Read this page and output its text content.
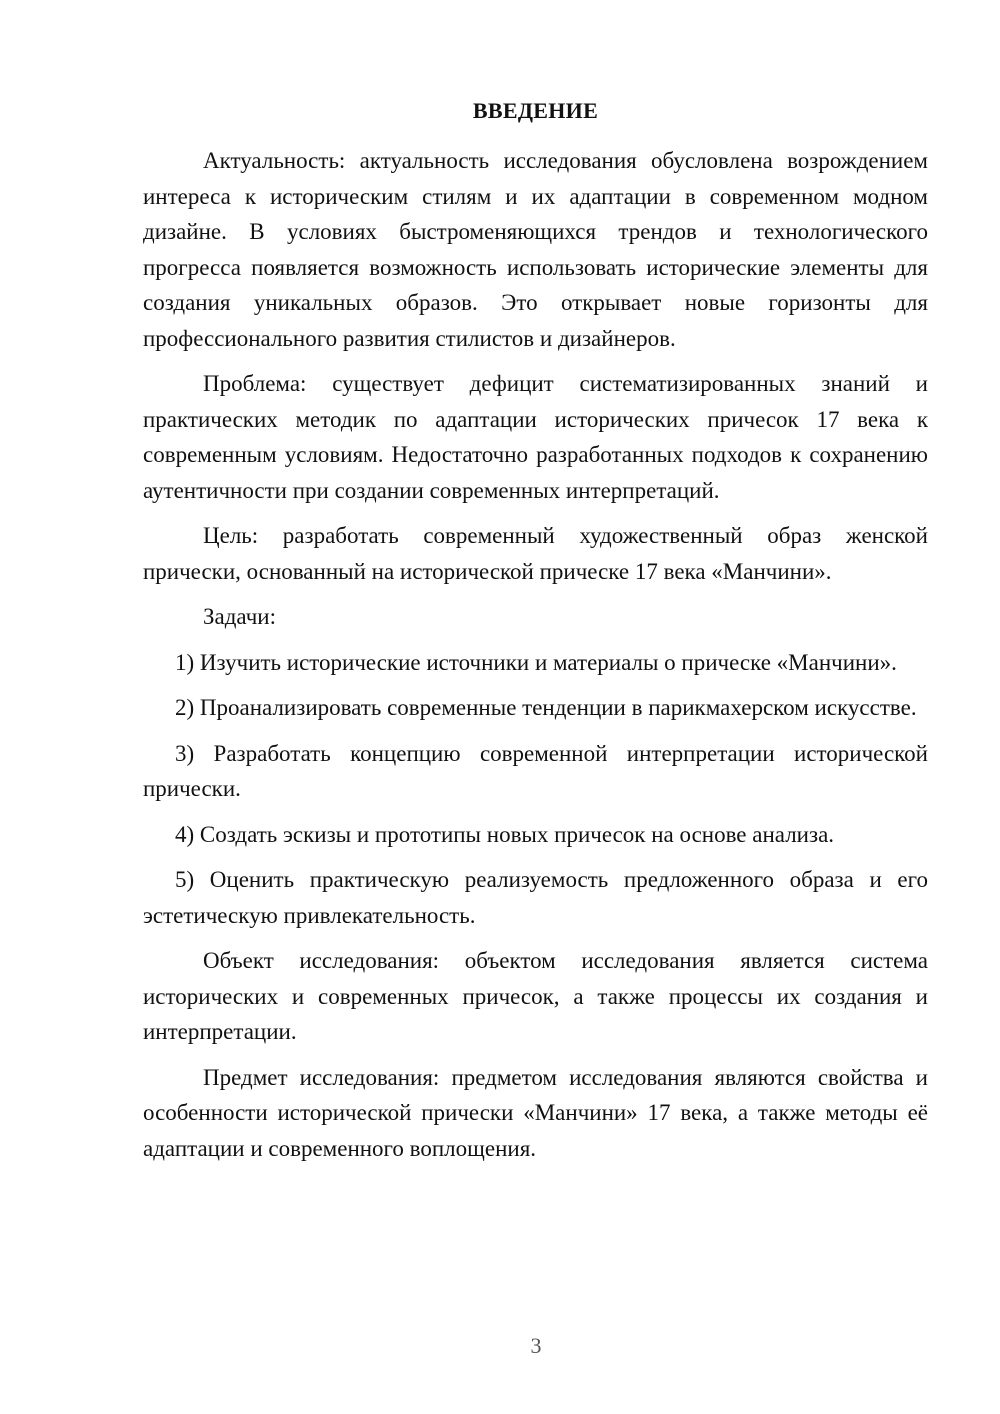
ВВЕДЕНИЕ

Актуальность: актуальность исследования обусловлена возрождением интереса к историческим стилям и их адаптации в современном модном дизайне. В условиях быстроменяющихся трендов и технологического прогресса появляется возможность использовать исторические элементы для создания уникальных образов. Это открывает новые горизонты для профессионального развития стилистов и дизайнеров.

Проблема: существует дефицит систематизированных знаний и практических методик по адаптации исторических причесок 17 века к современным условиям. Недостаточно разработанных подходов к сохранению аутентичности при создании современных интерпретаций.

Цель: разработать современный художественный образ женской прически, основанный на исторической прическе 17 века «Манчини».

Задачи:

1) Изучить исторические источники и материалы о прическе «Манчини».

2) Проанализировать современные тенденции в парикмахерском искусстве.

3) Разработать концепцию современной интерпретации исторической прически.

4) Создать эскизы и прототипы новых причесок на основе анализа.

5) Оценить практическую реализуемость предложенного образа и его эстетическую привлекательность.

Объект исследования: объектом исследования является система исторических и современных причесок, а также процессы их создания и интерпретации.

Предмет исследования: предметом исследования являются свойства и особенности исторической прически «Манчини» 17 века, а также методы её адаптации и современного воплощения.

3
